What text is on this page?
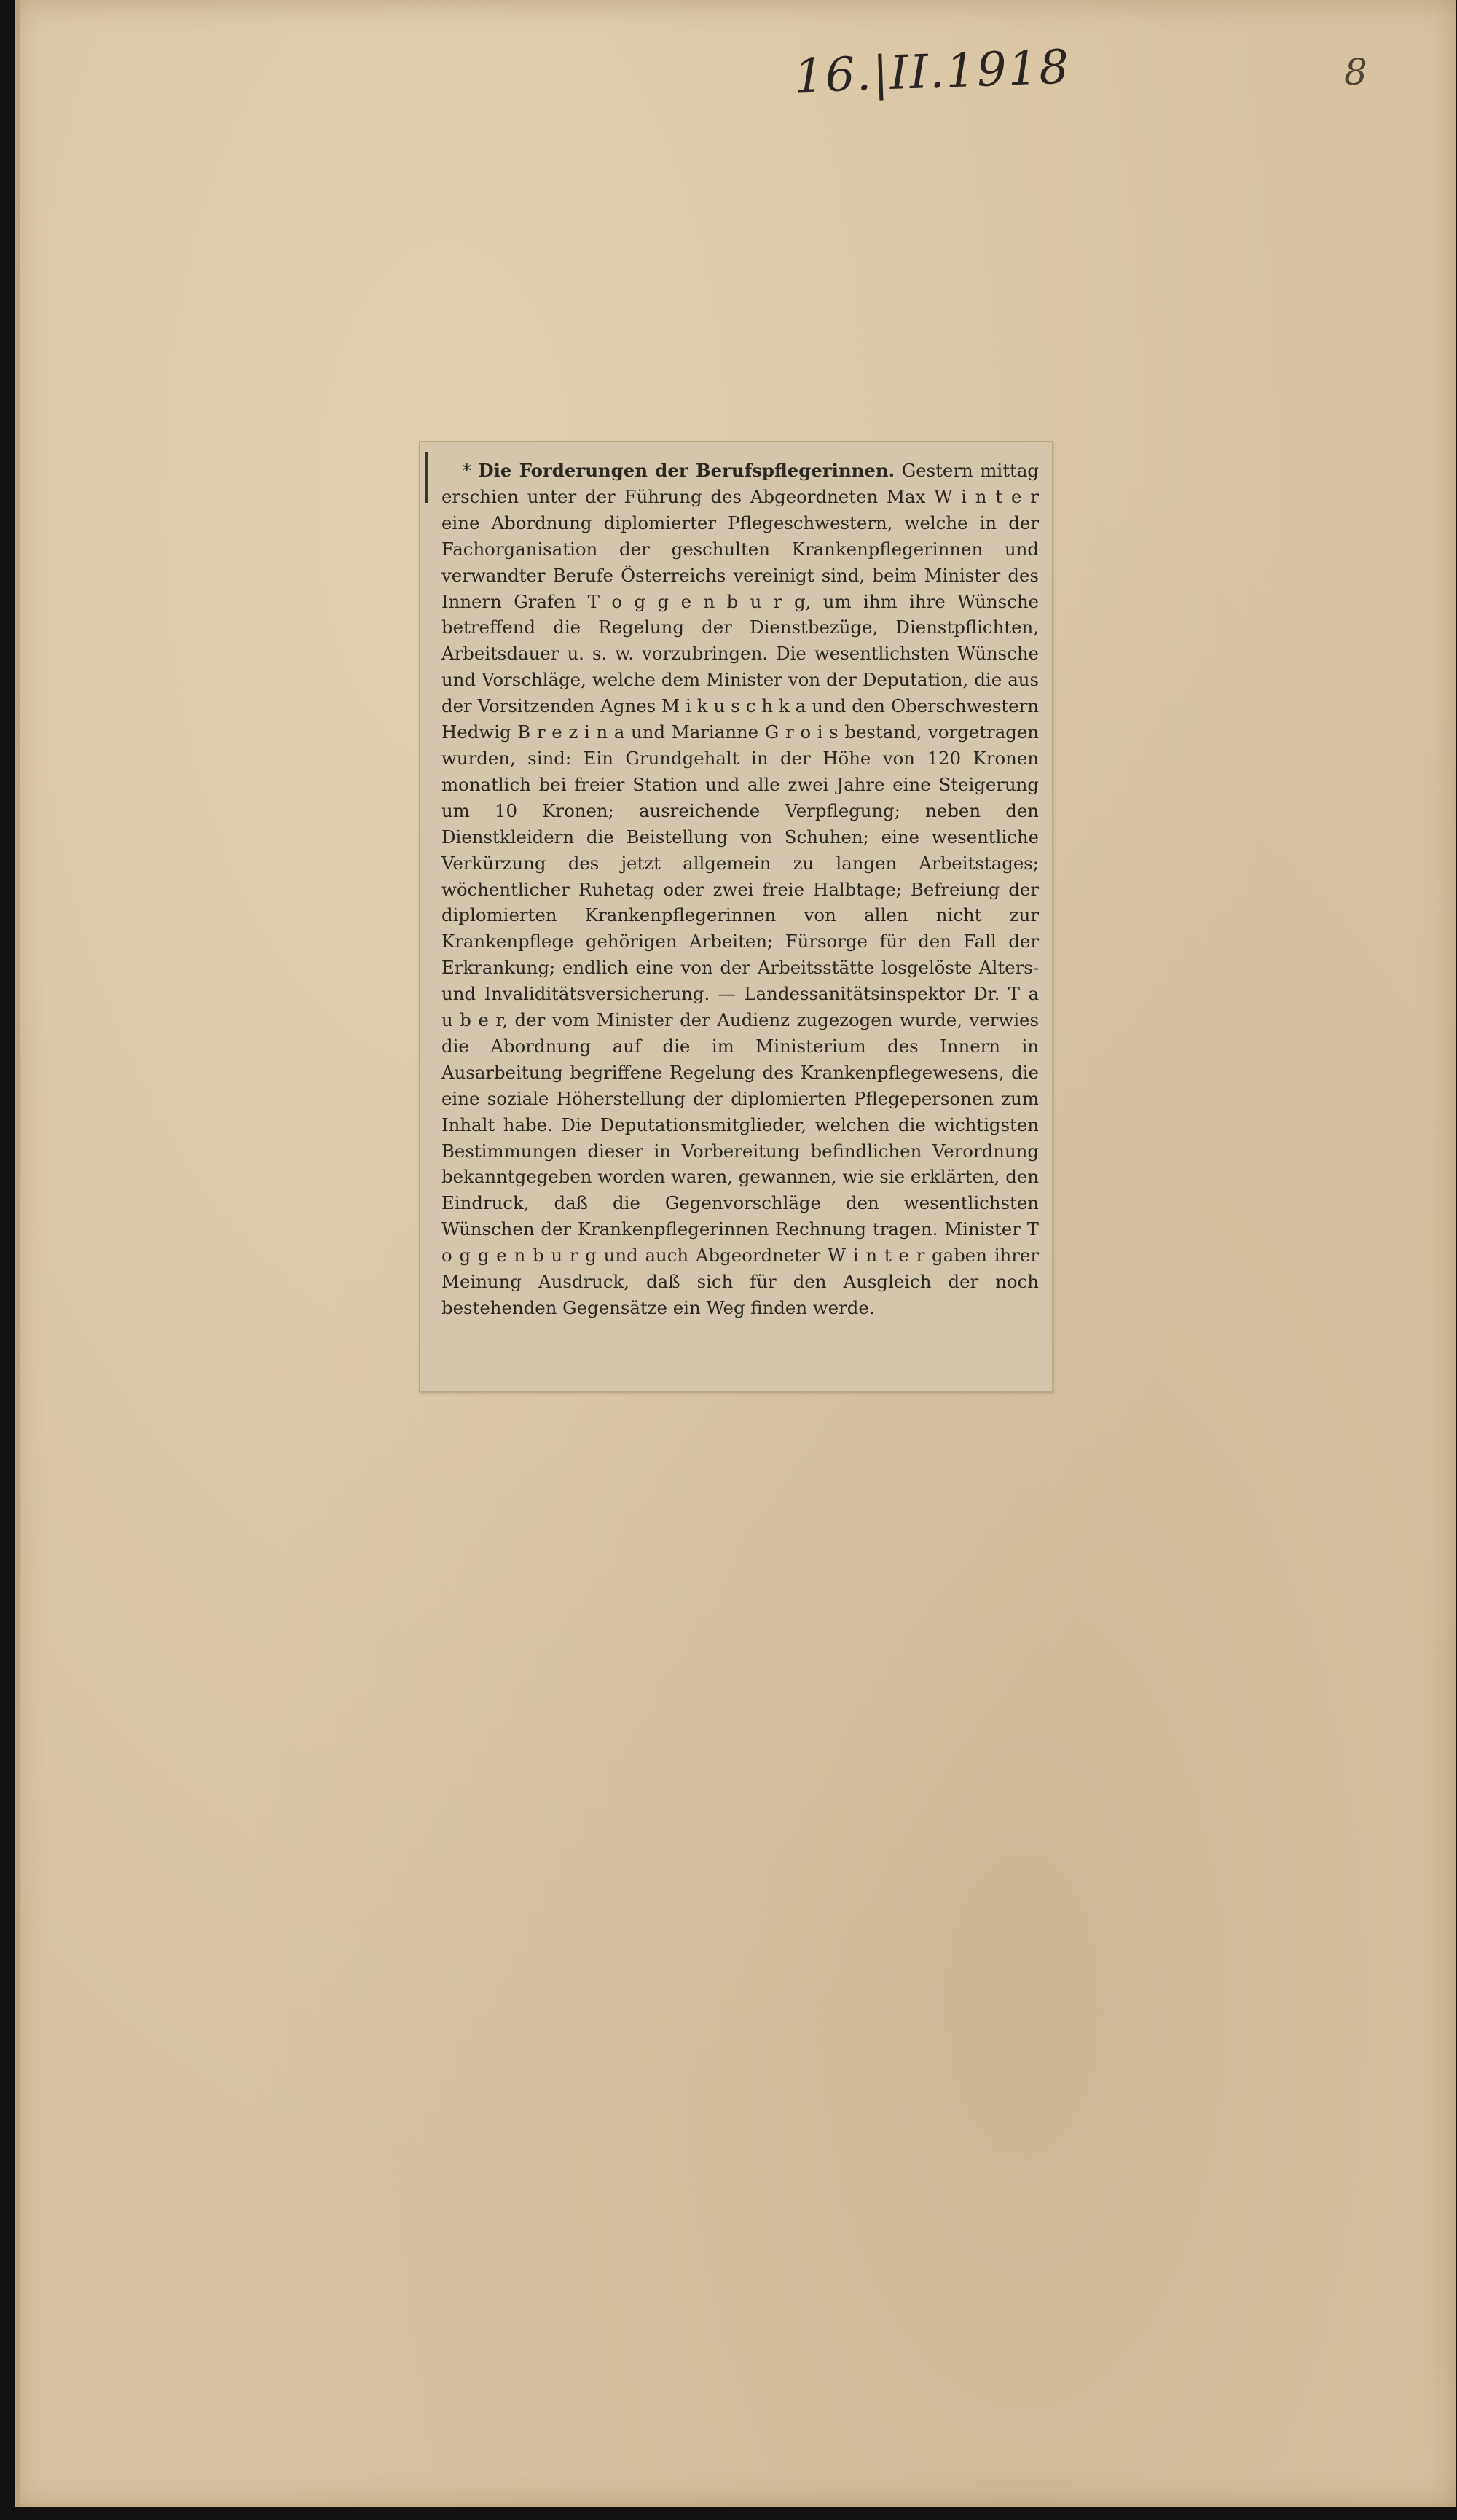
16.|II.1918	8

* Die Forderungen der Berufspflegerinnen. Gestern mittag erschien unter der Führung des Abgeordneten Max W i n t e r eine Abordnung diplomierter Pflegeschwestern, welche in der Fachorganisation der geschulten Krankenpflegerinnen und verwandter Berufe Österreichs vereinigt sind, beim Minister des Innern Grafen T o g g e n b u r g, um ihm ihre Wünsche betreffend die Regelung der Dienstbezüge, Dienstpflichten, Arbeitsdauer u. s. w. vorzubringen. Die wesentlichsten Wünsche und Vorschläge, welche dem Minister von der Deputation, die aus der Vorsitzenden Agnes M i k u s c h k a und den Oberschwestern Hedwig B r e z i n a und Marianne G r o i s bestand, vorgetragen wurden, sind: Ein Grundgehalt in der Höhe von 120 Kronen monatlich bei freier Station und alle zwei Jahre eine Steigerung um 10 Kronen; ausreichende Verpflegung; neben den Dienstkleidern die Beistellung von Schuhen; eine wesentliche Verkürzung des jetzt allgemein zu langen Arbeitstages; wöchentlicher Ruhetag oder zwei freie Halbtage; Befreiung der diplomierten Krankenpflegerinnen von allen nicht zur Krankenpflege gehörigen Arbeiten; Fürsorge für den Fall der Erkrankung; endlich eine von der Arbeitsstätte losgelöste Alters- und Invaliditätsversicherung. — Landessanitätsinspektor Dr. T a u b e r, der vom Minister der Audienz zugezogen wurde, verwies die Abordnung auf die im Ministerium des Innern in Ausarbeitung begriffene Regelung des Krankenpflegewesens, die eine soziale Höherstellung der diplomierten Pflegepersonen zum Inhalt habe. Die Deputationsmitglieder, welchen die wichtigsten Bestimmungen dieser in Vorbereitung befindlichen Verordnung bekanntgegeben worden waren, gewannen, wie sie erklärten, den Eindruck, daß die Gegenvorschläge den wesentlichsten Wünschen der Krankenpflegerinnen Rechnung tragen. Minister T o g g e n b u r g und auch Abgeordneter W i n t e r gaben ihrer Meinung Ausdruck, daß sich für den Ausgleich der noch bestehenden Gegensätze ein Weg finden werde.
